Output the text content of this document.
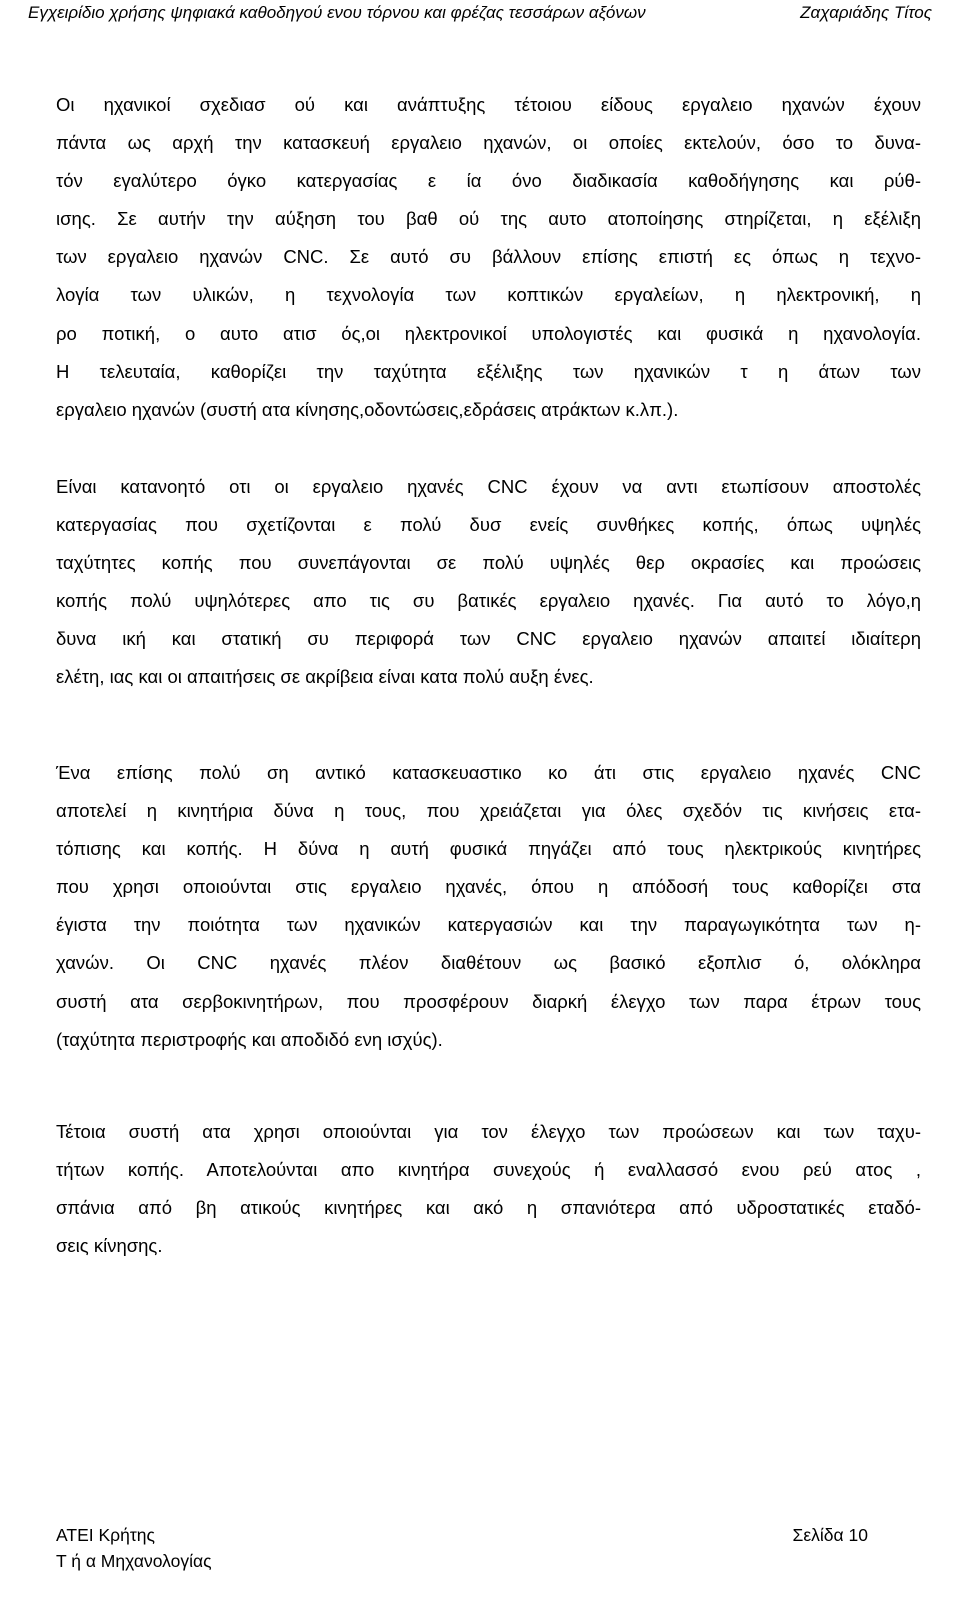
Εγχειρίδιο χρήσης ψηφιακά καθοδηγού ενου τόρνου και φρέζας τεσσάρων αξόνων	Ζαχαριάδης Τίτος
Οι ηχανικοί σχεδιασ ού και ανάπτυξης τέτοιου είδους εργαλειο ηχανών έχουν
πάντα ως αρχή την κατασκευή εργαλειο ηχανών, οι οποίες εκτελούν, όσο το δυνα-
τόν εγαλύτερο όγκο κατεργασίας ε ία όνο διαδικασία καθοδήγησης και ρύθ-
ισης. Σε αυτήν την αύξηση του βαθ ού της αυτο ατοποίησης στηρίζεται, η εξέλιξη
των εργαλειο ηχανών CNC. Σε αυτό συ βάλλουν επίσης επιστή ες όπως η τεχνο-
λογία των υλικών, η τεχνολογία των κοπτικών εργαλείων, η ηλεκτρονική, η
ρο ποτική, ο αυτο ατισ ός,οι ηλεκτρονικοί υπολογιστές και φυσικά η ηχανολογία.
Η τελευταία, καθορίζει την ταχύτητα εξέλιξης των ηχανικών τ η άτων των
εργαλειο ηχανών (συστή ατα κίνησης,οδοντώσεις,εδράσεις ατράκτων κ.λπ.).
Είναι κατανοητό οτι οι εργαλειο ηχανές CNC έχουν να αντι ετωπίσουν αποστολές
κατεργασίας που σχετίζονται ε πολύ δυσ ενείς συνθήκες κοπής, όπως υψηλές
ταχύτητες κοπής που συνεπάγονται σε πολύ υψηλές θερ οκρασίες και προώσεις
κοπής πολύ υψηλότερες απο τις συ βατικές εργαλειο ηχανές. Για αυτό το λόγο,η
δυνα ική και στατική συ περιφορά των CNC εργαλειο ηχανών απαιτεί ιδιαίτερη
ελέτη, ιας και οι απαιτήσεις σε ακρίβεια είναι κατα πολύ αυξη ένες.
Ένα επίσης πολύ ση αντικό κατασκευαστικο κο άτι στις εργαλειο ηχανές CNC
αποτελεί η κινητήρια δύνα η τους, που χρειάζεται για όλες σχεδόν τις κινήσεις ετα-
τόπισης και κοπής. Η δύνα η αυτή φυσικά πηγάζει από τους ηλεκτρικούς κινητήρες
που χρησι οποιούνται στις εργαλειο ηχανές, όπου η απόδοσή τους καθορίζει στα
έγιστα την ποιότητα των ηχανικών κατεργασιών και την παραγωγικότητα των η-
χανών. Οι CNC ηχανές πλέον διαθέτουν ως βασικό εξοπλισ ό, ολόκληρα
συστή ατα σερβοκινητήρων, που προσφέρουν διαρκή έλεγχο των παρα έτρων τους
(ταχύτητα περιστροφής και αποδιδό ενη ισχύς).
Τέτοια συστή ατα χρησι οποιούνται για τον έλεγχο των προώσεων και των ταχυ-
τήτων κοπής. Αποτελούνται απο κινητήρα συνεχούς ή εναλλασσό ενου ρεύ ατος ,
σπάνια από βη ατικούς κινητήρες και ακό η σπανιότερα από υδροστατικές εταδό-
σεις κίνησης.
ΑΤΕΙ Κρήτης	Σελίδα 10
Τ ή α Μηχανολογίας
